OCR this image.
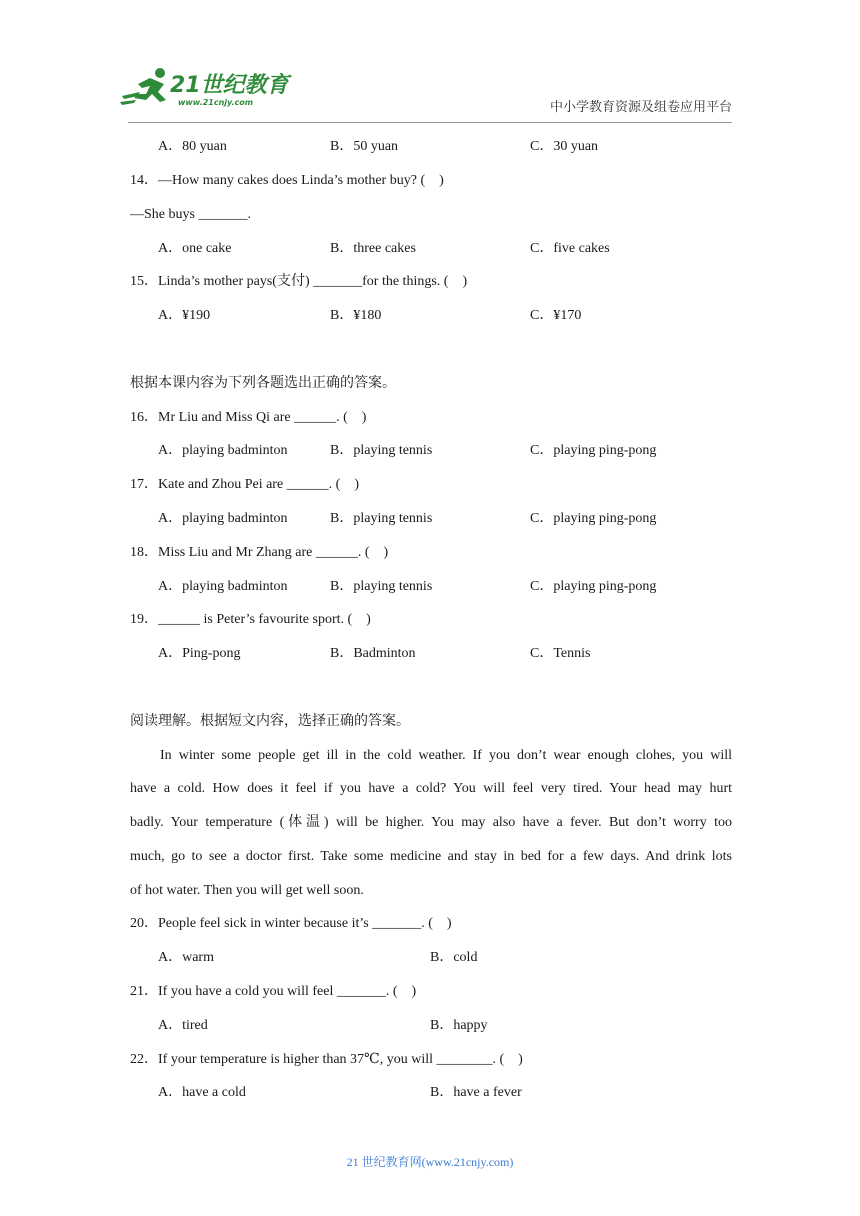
21世纪教育
www.21cnjy.com	中小学教育资源及组卷应用平台
A．80 yuan	B．50 yuan	C．30 yuan
14．—How many cakes does Linda’s mother buy? (　)
—She buys _______.
A．one cake	B．three cakes	C．five cakes
15．Linda’s mother pays(支付) _______for the things. (　)
A．¥190	B．¥180	C．¥170
根据本课内容为下列各题选出正确的答案。
16．Mr Liu and Miss Qi are ______. (　)
A．playing badminton	B．playing tennis	C．playing ping-pong
17．Kate and Zhou Pei are ______. (　)
A．playing badminton	B．playing tennis	C．playing ping-pong
18．Miss Liu and Mr Zhang are ______. (　)
A．playing badminton	B．playing tennis	C．playing ping-pong
19．______ is Peter’s favourite sport. (　)
A．Ping-pong	B．Badminton	C．Tennis
阅读理解。根据短文内容，选择正确的答案。
In winter some people get ill in the cold weather. If you don’t wear enough clohes, you will
have a cold. How does it feel if you have a cold? You will feel very tired. Your head may hurt
badly. Your temperature (体温) will be higher. You may also have a fever. But don’t worry too
much, go to see a doctor first. Take some medicine and stay in bed for a few days. And drink lots
of hot water. Then you will get well soon.
20．People feel sick in winter because it’s _______. (　)
A．warm	B．cold
21．If you have a cold you will feel _______. (　)
A．tired	B．happy
22．If your temperature is higher than 37℃, you will ________. (　)
A．have a cold	B．have a fever
21 世纪教育网(www.21cnjy.com)
